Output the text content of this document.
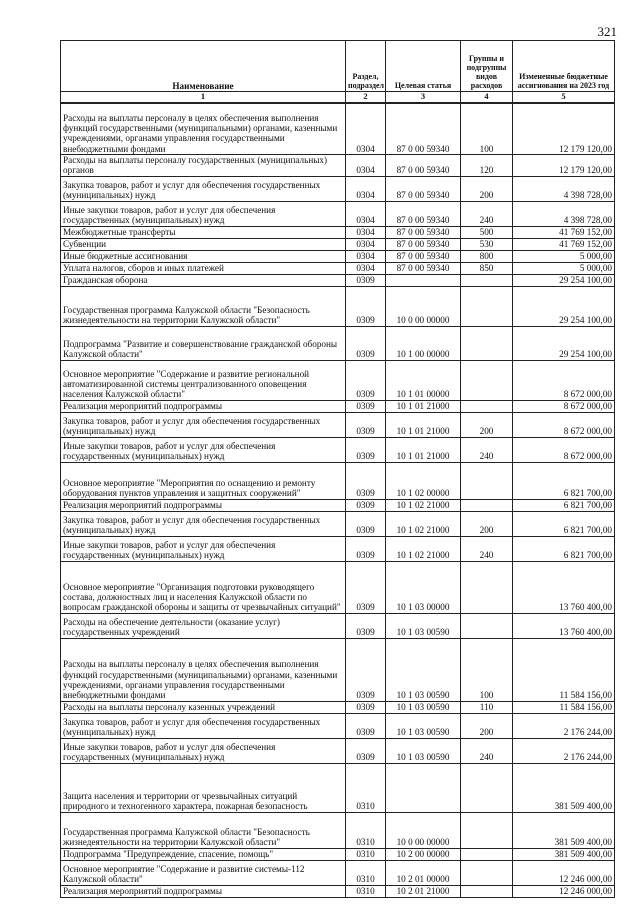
321
Наименование	Раздел, подраздел	Целевая статья	Группы и подгруппы видов расходов	Измененные бюджетные ассигнования на 2023 год
1	2	3	4	5
Расходы на выплаты персоналу в целях обеспечения выполнения функций государственными (муниципальными) органами, казенными учреждениями, органами управления государственными внебюджетными фондами	0304	87 0 00 59340	100	12 179 120,00
Расходы на выплаты персоналу государственных (муниципальных) органов	0304	87 0 00 59340	120	12 179 120,00
Закупка товаров, работ и услуг для обеспечения государственных (муниципальных) нужд	0304	87 0 00 59340	200	4 398 728,00
Иные закупки товаров, работ и услуг для обеспечения государственных (муниципальных) нужд	0304	87 0 00 59340	240	4 398 728,00
Межбюджетные трансферты	0304	87 0 00 59340	500	41 769 152,00
Субвенции	0304	87 0 00 59340	530	41 769 152,00
Иные бюджетные ассигнования	0304	87 0 00 59340	800	5 000,00
Уплата налогов, сборов и иных платежей	0304	87 0 00 59340	850	5 000,00
Гражданская оборона	0309			29 254 100,00
Государственная программа Калужской области "Безопасность жизнедеятельности на территории Калужской области"	0309	10 0 00 00000		29 254 100,00
Подпрограмма "Развитие и совершенствование гражданской обороны Калужской области"	0309	10 1 00 00000		29 254 100,00
Основное мероприятие "Содержание и развитие региональной автоматизированной системы централизованного оповещения населения Калужской области"	0309	10 1 01 00000		8 672 000,00
Реализация мероприятий подпрограммы	0309	10 1 01 21000		8 672 000,00
Закупка товаров, работ и услуг для обеспечения государственных (муниципальных) нужд	0309	10 1 01 21000	200	8 672 000,00
Иные закупки товаров, работ и услуг для обеспечения государственных (муниципальных) нужд	0309	10 1 01 21000	240	8 672 000,00
Основное мероприятие "Мероприятия по оснащению и ремонту оборудования пунктов управления и защитных сооружений"	0309	10 1 02 00000		6 821 700,00
Реализация мероприятий подпрограммы	0309	10 1 02 21000		6 821 700,00
Закупка товаров, работ и услуг для обеспечения государственных (муниципальных) нужд	0309	10 1 02 21000	200	6 821 700,00
Иные закупки товаров, работ и услуг для обеспечения государственных (муниципальных) нужд	0309	10 1 02 21000	240	6 821 700,00
Основное мероприятие "Организация подготовки руководящего состава, должностных лиц и населения Калужской области по вопросам гражданской обороны и защиты от чрезвычайных ситуаций"	0309	10 1 03 00000		13 760 400,00
Расходы на обеспечение деятельности (оказание услуг) государственных учреждений	0309	10 1 03 00590		13 760 400,00
Расходы на выплаты персоналу в целях обеспечения выполнения функций государственными (муниципальными) органами, казенными учреждениями, органами управления государственными внебюджетными фондами	0309	10 1 03 00590	100	11 584 156,00
Расходы на выплаты персоналу казенных учреждений	0309	10 1 03 00590	110	11 584 156,00
Закупка товаров, работ и услуг для обеспечения государственных (муниципальных) нужд	0309	10 1 03 00590	200	2 176 244,00
Иные закупки товаров, работ и услуг для обеспечения государственных (муниципальных) нужд	0309	10 1 03 00590	240	2 176 244,00
Защита населения и территории от чрезвычайных ситуаций природного и техногенного характера, пожарная безопасность	0310			381 509 400,00
Государственная программа Калужской области "Безопасность жизнедеятельности на территории Калужской области"	0310	10 0 00 00000		381 509 400,00
Подпрограмма "Предупреждение, спасение, помощь"	0310	10 2 00 00000		381 509 400,00
Основное мероприятие "Содержание и развитие системы-112 Калужской области"	0310	10 2 01 00000		12 246 000,00
Реализация мероприятий подпрограммы	0310	10 2 01 21000		12 246 000,00
